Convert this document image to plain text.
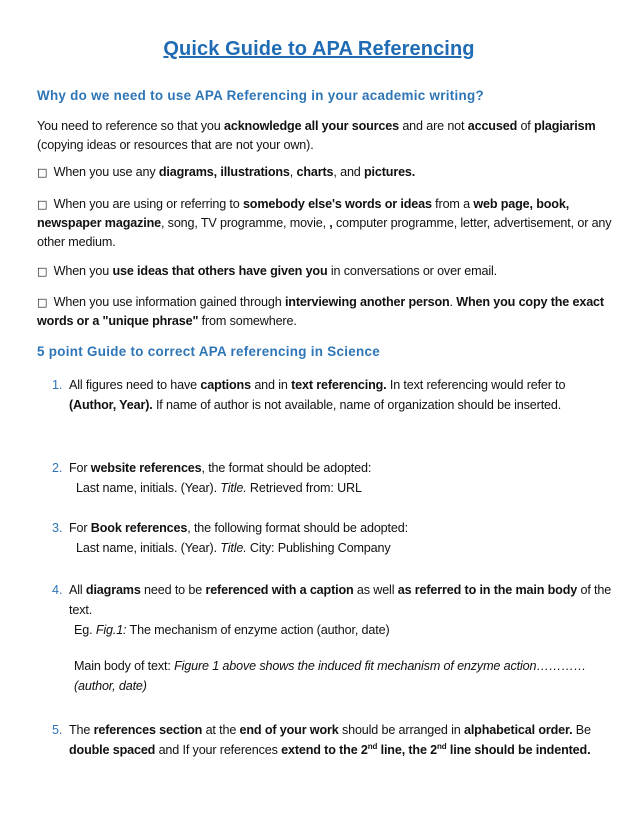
Quick Guide to APA Referencing
Why do we need to use APA Referencing in your academic writing?
You need to reference so that you acknowledge all your sources and are not accused of plagiarism (copying ideas or resources that are not your own).
□ When you use any diagrams, illustrations, charts, and pictures.
□ When you are using or referring to somebody else's words or ideas from a web page, book, newspaper magazine, song, TV programme, movie, , computer programme, letter, advertisement, or any other medium.
□ When you use ideas that others have given you in conversations or over email.
□ When you use information gained through interviewing another person. When you copy the exact words or a "unique phrase" from somewhere.
5 point Guide to correct APA referencing in Science
1. All figures need to have captions and in text referencing. In text referencing would refer to (Author, Year). If name of author is not available, name of organization should be inserted.
2. For website references, the format should be adopted:
Last name, initials. (Year). Title. Retrieved from: URL
3. For Book references, the following format should be adopted:
Last name, initials. (Year). Title. City: Publishing Company
4. All diagrams need to be referenced with a caption as well as referred to in the main body of the text.
Eg. Fig.1: The mechanism of enzyme action (author, date)
Main body of text: Figure 1 above shows the induced fit mechanism of enzyme action………… (author, date)
5. The references section at the end of your work should be arranged in alphabetical order. Be double spaced and If your references extend to the 2nd line, the 2nd line should be indented.
